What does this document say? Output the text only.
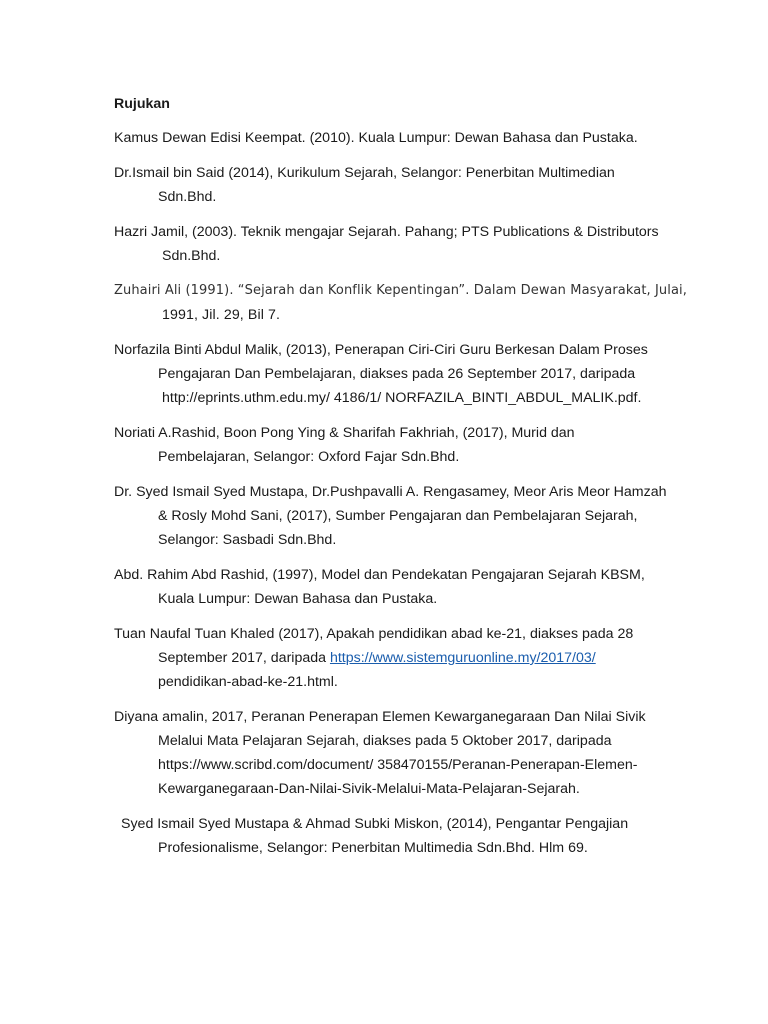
Rujukan
Kamus Dewan Edisi Keempat. (2010). Kuala Lumpur: Dewan Bahasa dan Pustaka.
Dr.Ismail bin Said (2014), Kurikulum Sejarah, Selangor: Penerbitan Multimedian
Sdn.Bhd.
Hazri Jamil, (2003). Teknik mengajar Sejarah. Pahang; PTS Publications & Distributors
Sdn.Bhd.
Zuhairi Ali (1991). “Sejarah dan Konflik Kepentingan”. Dalam Dewan Masyarakat, Julai,
1991, Jil. 29, Bil 7.
Norfazila Binti Abdul Malik, (2013), Penerapan Ciri-Ciri Guru Berkesan Dalam Proses
Pengajaran Dan Pembelajaran, diakses pada 26 September 2017, daripada
http://eprints.uthm.edu.my/ 4186/1/ NORFAZILA_BINTI_ABDUL_MALIK.pdf.
Noriati A.Rashid, Boon Pong Ying & Sharifah Fakhriah, (2017), Murid dan
Pembelajaran, Selangor: Oxford Fajar Sdn.Bhd.
Dr. Syed Ismail Syed Mustapa, Dr.Pushpavalli A. Rengasamey, Meor Aris Meor Hamzah
& Rosly Mohd Sani, (2017), Sumber Pengajaran dan Pembelajaran Sejarah,
Selangor: Sasbadi Sdn.Bhd.
Abd. Rahim Abd Rashid, (1997), Model dan Pendekatan Pengajaran Sejarah KBSM,
Kuala Lumpur: Dewan Bahasa dan Pustaka.
Tuan Naufal Tuan Khaled (2017), Apakah pendidikan abad ke-21, diakses pada 28
September 2017, daripada https://www.sistemguruonline.my/2017/03/
pendidikan-abad-ke-21.html.
Diyana amalin, 2017, Peranan Penerapan Elemen Kewarganegaraan Dan Nilai Sivik
Melalui Mata Pelajaran Sejarah, diakses pada 5 Oktober 2017, daripada
https://www.scribd.com/document/ 358470155/Peranan-Penerapan-Elemen-
Kewarganegaraan-Dan-Nilai-Sivik-Melalui-Mata-Pelajaran-Sejarah.
Syed Ismail Syed Mustapa & Ahmad Subki Miskon, (2014), Pengantar Pengajian
Profesionalisme, Selangor: Penerbitan Multimedia Sdn.Bhd. Hlm 69.
